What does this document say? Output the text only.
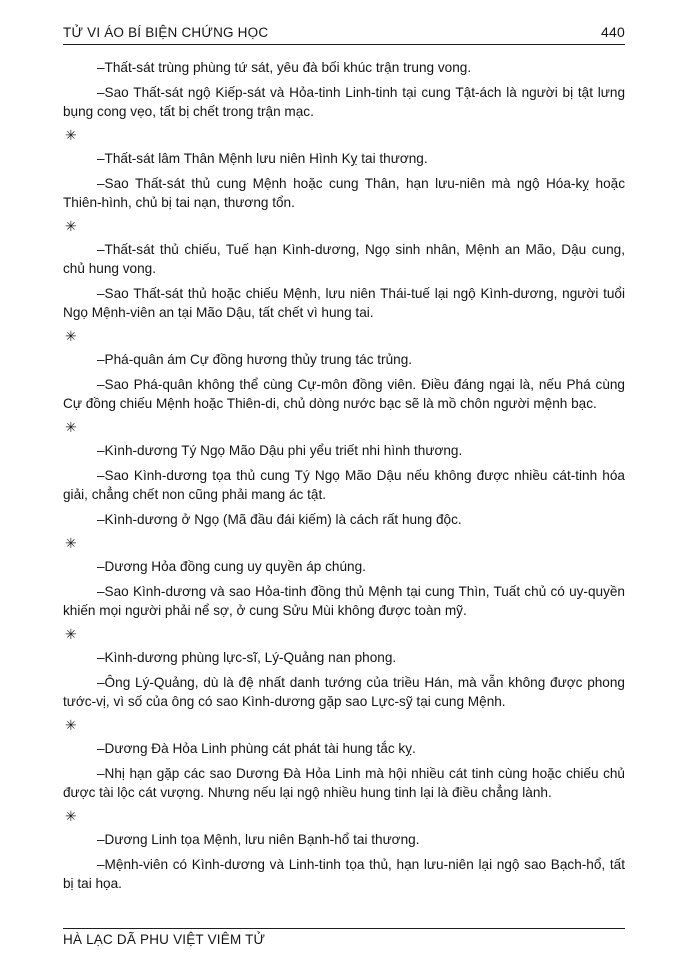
TỬ VI ÁO BÍ BIỆN CHỨNG HỌC	440

–Thất-sát trùng phùng tứ sát, yêu đà bối khúc trận trung vong.

–Sao Thất-sát ngộ Kiếp-sát và Hỏa-tinh Linh-tinh tại cung Tật-ách là người bị tật lưng bụng cong vẹo, tất bị chết trong trận mạc.

✳

–Thất-sát lâm Thân Mệnh lưu niên Hình Kỵ tai thương.

–Sao Thất-sát thủ cung Mệnh hoặc cung Thân, hạn lưu-niên mà ngộ Hóa-kỵ hoặc Thiên-hình, chủ bị tai nạn, thương tổn.

✳

–Thất-sát thủ chiếu, Tuế hạn Kình-dương, Ngọ sinh nhân, Mệnh an Mão, Dậu cung, chủ hung vong.

–Sao Thất-sát thủ hoặc chiếu Mệnh, lưu niên Thái-tuế lại ngộ Kình-dương, người tuổi Ngọ Mệnh-viên an tại Mão Dậu, tất chết vì hung tai.

✳

–Phá-quân ám Cự đồng hương thủy trung tác trủng.

–Sao Phá-quân không thể cùng Cự-môn đồng viên. Điều đáng ngại là, nếu Phá cùng Cự đồng chiếu Mệnh hoặc Thiên-di, chủ dòng nước bạc sẽ là mồ chôn người mệnh bạc.

✳

–Kình-dương Tý Ngọ Mão Dậu phi yểu triết nhi hình thương.

–Sao Kình-dương tọa thủ cung Tý Ngọ Mão Dậu nếu không được nhiều cát-tinh hóa giải, chẳng chết non cũng phải mang ác tật.

–Kình-dương ở Ngọ (Mã đầu đái kiếm) là cách rất hung độc.

✳

–Dương Hỏa đồng cung uy quyền áp chúng.

–Sao Kình-dương và sao Hỏa-tinh đồng thủ Mệnh tại cung Thìn, Tuất chủ có uy-quyền khiến mọi người phải nể sợ, ở cung Sửu Mùi không được toàn mỹ.

✳

–Kình-dương phùng lực-sĩ, Lý-Quảng nan phong.

–Ông Lý-Quảng, dù là đệ nhất danh tướng của triều Hán, mà vẫn không được phong tước-vị, vì số của ông có sao Kình-dương gặp sao Lực-sỹ tại cung Mệnh.

✳

–Dương Đà Hỏa Linh phùng cát phát tài hung tắc kỵ.

–Nhị hạn gặp các sao Dương Đà Hỏa Linh mà hội nhiều cát tinh cùng hoặc chiếu chủ được tài lộc cát vượng. Nhưng nếu lại ngộ nhiều hung tinh lại là điều chẳng lành.

✳

–Dương Linh tọa Mệnh, lưu niên Bạnh-hổ tai thương.

–Mệnh-viên có Kình-dương và Linh-tinh tọa thủ, hạn lưu-niên lại ngộ sao Bạch-hổ, tất bị tai họa.

HÀ LẠC DÃ PHU VIỆT VIÊM TỬ
